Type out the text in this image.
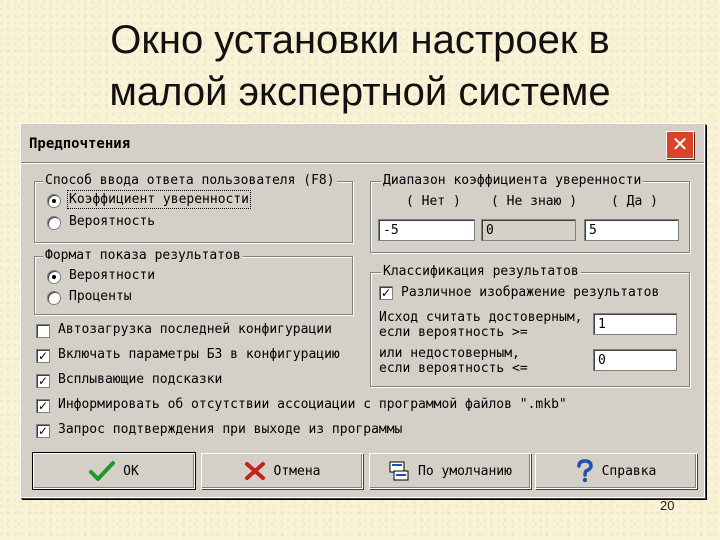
Окно установки настроек в
малой экспертной системе
Предпочтения	✕
Способ ввода ответа пользователя (F8)
Коэффициент уверенности
Вероятность
Формат показа результатов
Вероятности
Проценты
Диапазон коэффициента уверенности
( Нет ) ( Не знаю )	( Да )
-5	0	5
Классификация результатов
✓ Различное изображение результатов
Исход считать достоверным,
если вероятность >=
1
или недостоверным,
если вероятность <=
0
Автозагрузка последней конфигурации
✓ Включать параметры БЗ в конфигурацию
✓ Всплывающие подсказки
✓ Информировать об отсутствии ассоциации с программой файлов ".mkb"
✓ Запрос подтверждения при выходе из программы
OK	Отмена	По умолчанию	Справка
20
